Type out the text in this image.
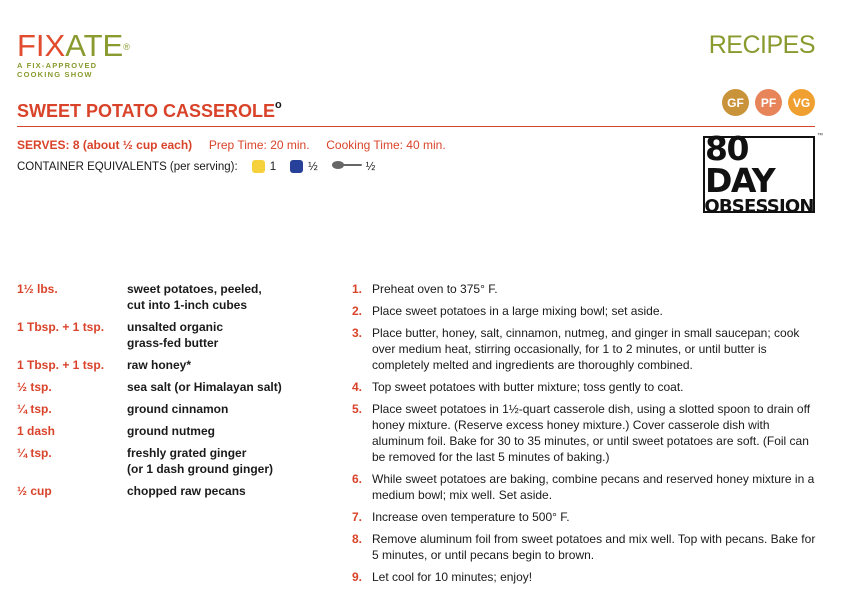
FIXATE®
A FIX-APPROVED
COOKING SHOW
RECIPES
SWEET POTATO CASSEROLE$^o$	GF	PF	VG
SERVES: 8 (about ½ cup each) Prep Time: 20 min. Cooking Time: 40 min.
CONTAINER EQUIVALENTS (per serving):	1	½	½	80 DAY
OBSESSION
™
1½ lbs.	sweet potatoes, peeled,
cut into 1-inch cubes
1 Tbsp. + 1 tsp.	unsalted organic
grass-fed butter
1 Tbsp. + 1 tsp.	raw honey*
½ tsp.	sea salt (or Himalayan salt)
¼ tsp.	ground cinnamon
1 dash	ground nutmeg
¼ tsp.	freshly grated ginger
(or 1 dash ground ginger)
½ cup	chopped raw pecans
1. Preheat oven to 375° F.
2. Place sweet potatoes in a large mixing bowl; set aside.
3. Place butter, honey, salt, cinnamon, nutmeg, and ginger in small saucepan; cook over medium heat, stirring occasionally, for 1 to 2 minutes, or until butter is completely melted and ingredients are thoroughly combined.
4. Top sweet potatoes with butter mixture; toss gently to coat.
5. Place sweet potatoes in 1½-quart casserole dish, using a slotted spoon to drain off honey mixture. (Reserve excess honey mixture.) Cover casserole dish with aluminum foil. Bake for 30 to 35 minutes, or until sweet potatoes are soft. (Foil can be removed for the last 5 minutes of baking.)
6. While sweet potatoes are baking, combine pecans and reserved honey mixture in a medium bowl; mix well. Set aside.
7. Increase oven temperature to 500° F.
8. Remove aluminum foil from sweet potatoes and mix well. Top with pecans. Bake for 5 minutes, or until pecans begin to brown.
9. Let cool for 10 minutes; enjoy!
